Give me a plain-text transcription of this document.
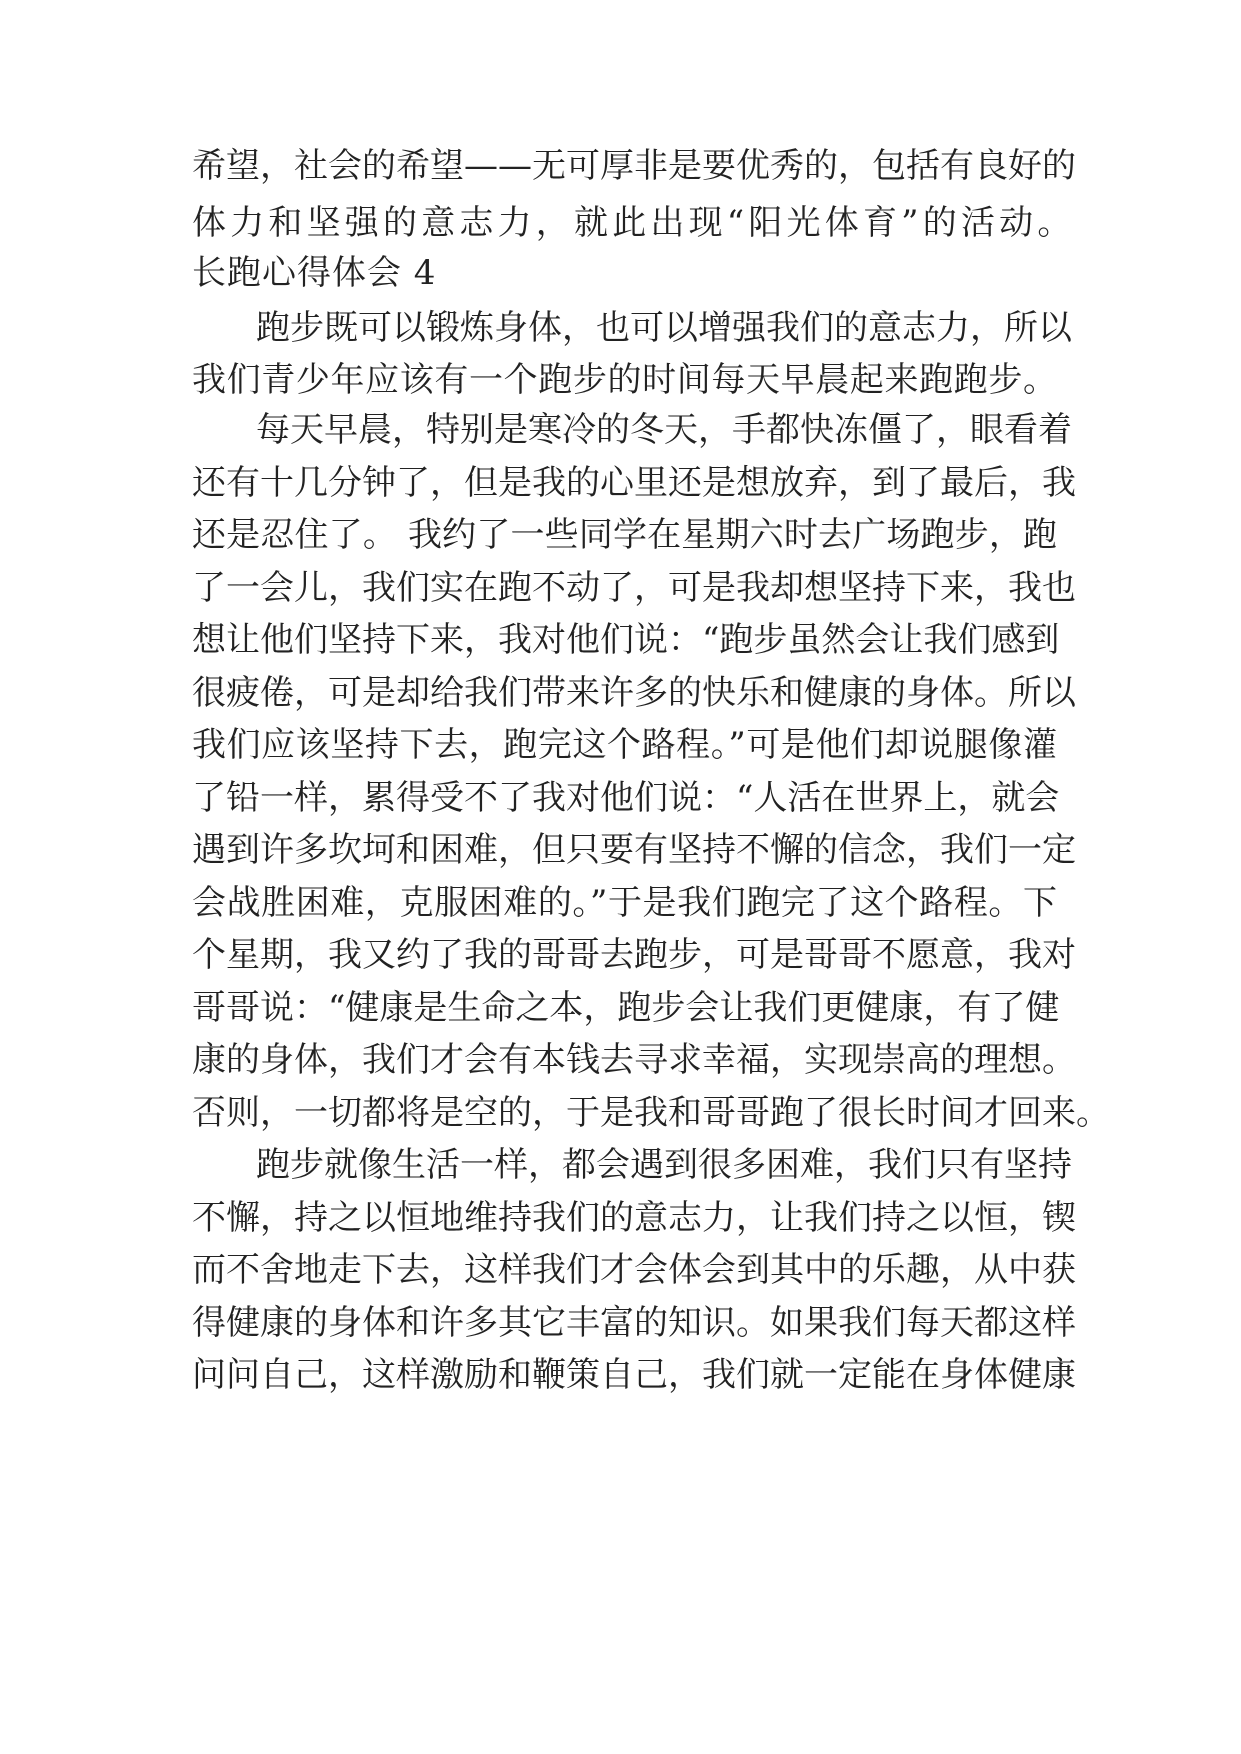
希望，社会的希望——无可厚非是要优秀的，包括有良好的
体力和坚强的意志力，就此出现“阳光体育”的活动。
长跑心得体会 4
跑步既可以锻炼身体，也可以增强我们的意志力，所以
我们青少年应该有一个跑步的时间每天早晨起来跑跑步。
每天早晨，特别是寒冷的冬天，手都快冻僵了，眼看着
还有十几分钟了，但是我的心里还是想放弃，到了最后，我
还是忍住了。 我约了一些同学在星期六时去广场跑步，跑
了一会儿，我们实在跑不动了，可是我却想坚持下来，我也
想让他们坚持下来，我对他们说：“跑步虽然会让我们感到
很疲倦，可是却给我们带来许多的快乐和健康的身体。所以
我们应该坚持下去，跑完这个路程。”可是他们却说腿像灌
了铅一样，累得受不了我对他们说：“人活在世界上，就会
遇到许多坎坷和困难，但只要有坚持不懈的信念，我们一定
会战胜困难，克服困难的。”于是我们跑完了这个路程。下
个星期，我又约了我的哥哥去跑步，可是哥哥不愿意，我对
哥哥说：“健康是生命之本，跑步会让我们更健康，有了健
康的身体，我们才会有本钱去寻求幸福，实现崇高的理想。
否则，一切都将是空的，于是我和哥哥跑了很长时间才回来。
跑步就像生活一样，都会遇到很多困难，我们只有坚持
不懈，持之以恒地维持我们的意志力，让我们持之以恒，锲
而不舍地走下去，这样我们才会体会到其中的乐趣，从中获
得健康的身体和许多其它丰富的知识。如果我们每天都这样
问问自己，这样激励和鞭策自己，我们就一定能在身体健康
